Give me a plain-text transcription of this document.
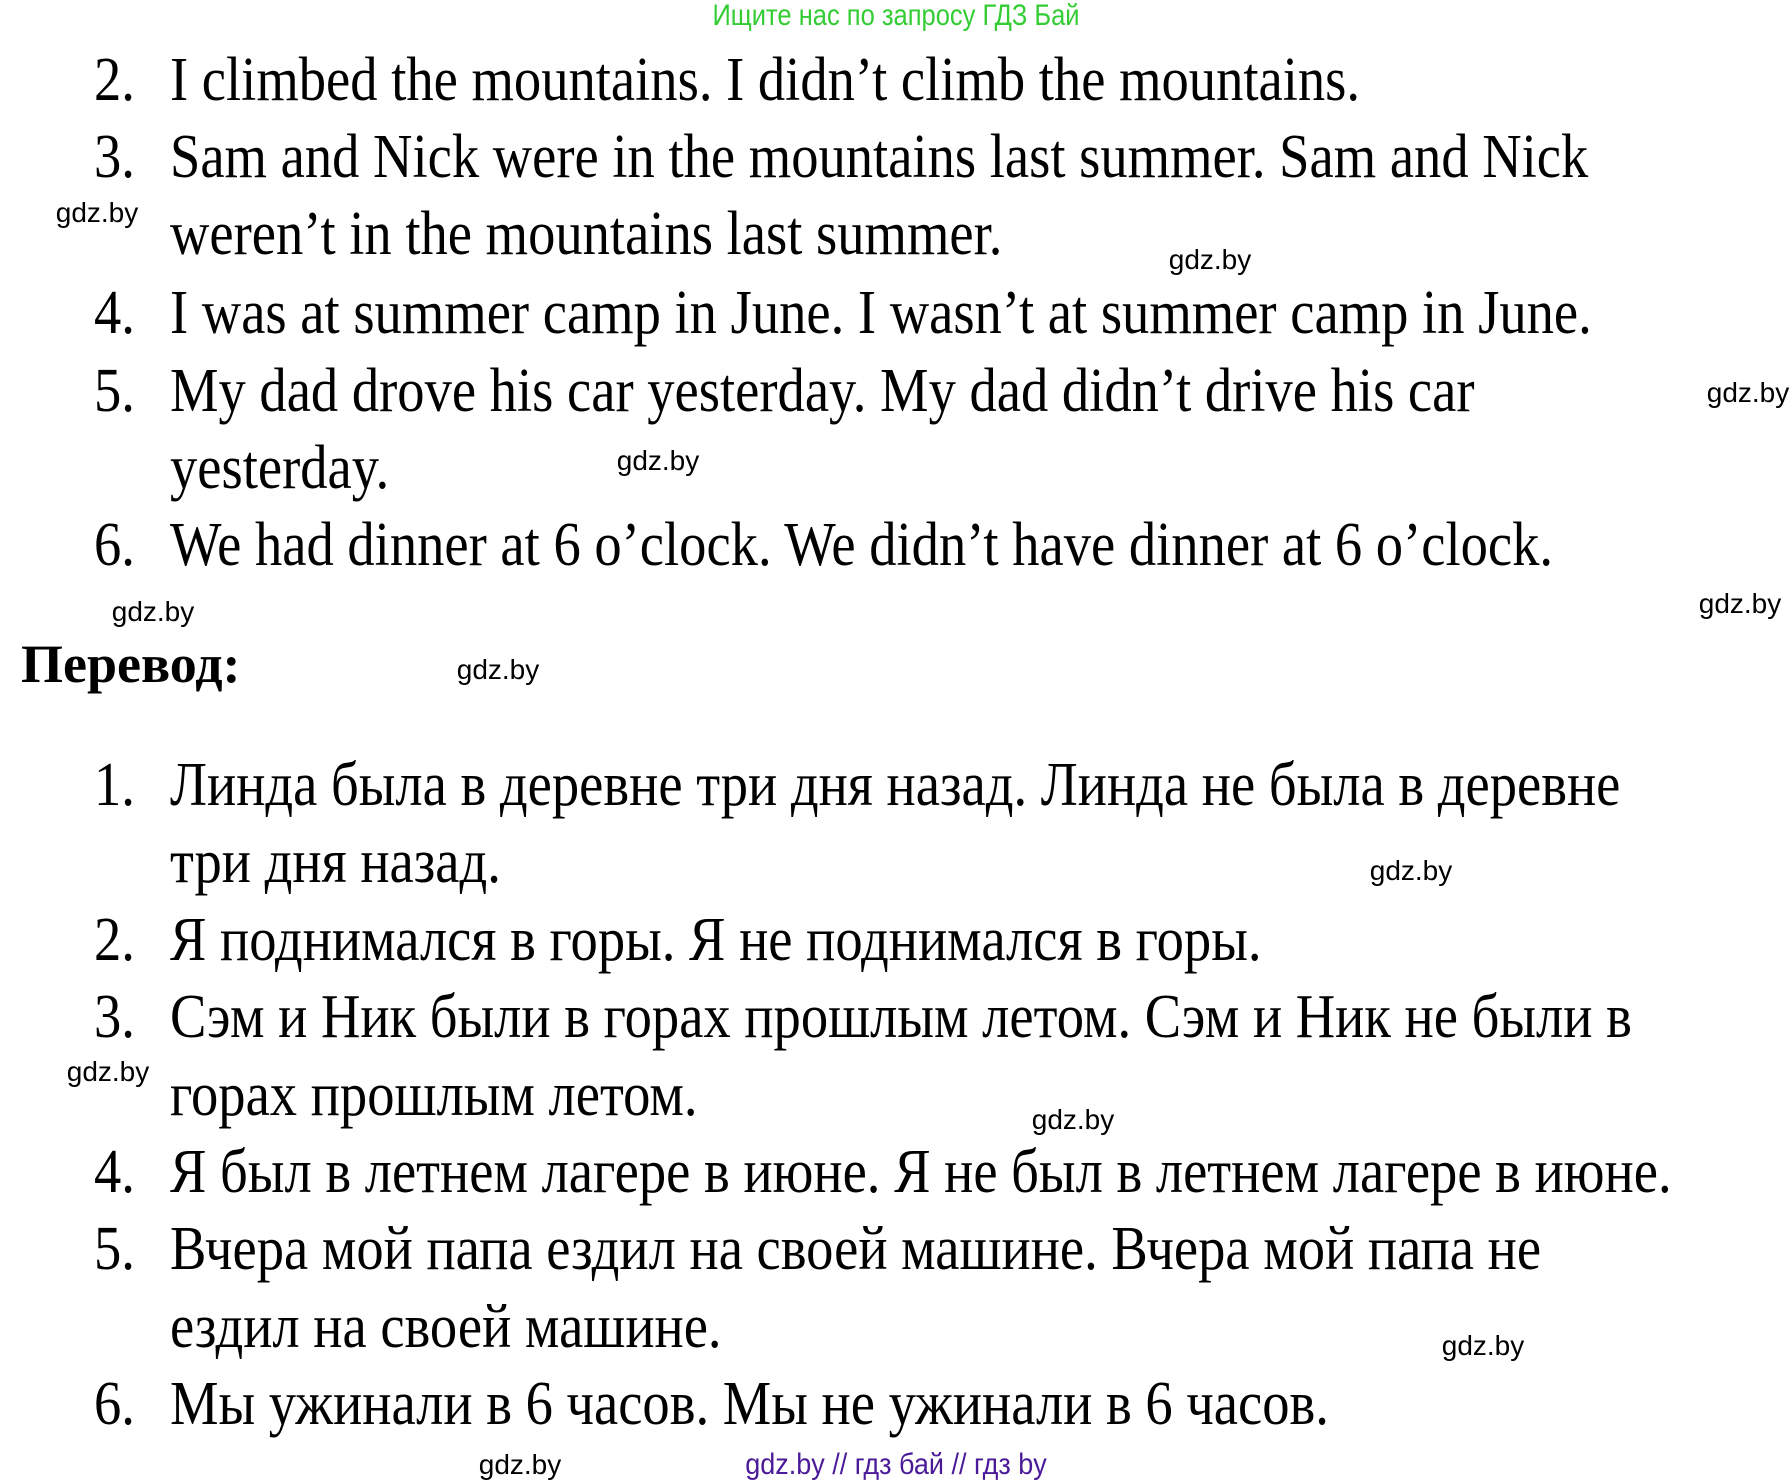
Ищите нас по запросу ГДЗ Бай
2. I climbed the mountains. I didn’t climb the mountains.
3. Sam and Nick were in the mountains last summer. Sam and Nick
weren’t in the mountains last summer.
4. I was at summer camp in June. I wasn’t at summer camp in June.
5. My dad drove his car yesterday. My dad didn’t drive his car
yesterday.
6. We had dinner at 6 o’clock. We didn’t have dinner at 6 o’clock.
Перевод:
1. Линда была в деревне три дня назад. Линда не была в деревне
три дня назад.
2. Я поднимался в горы. Я не поднимался в горы.
3. Сэм и Ник были в горах прошлым летом. Сэм и Ник не были в
горах прошлым летом.
4. Я был в летнем лагере в июне. Я не был в летнем лагере в июне.
5. Вчера мой папа ездил на своей машине. Вчера мой папа не
ездил на своей машине.
6. Мы ужинали в 6 часов. Мы не ужинали в 6 часов.
gdz.by
gdz.by
gdz.by
gdz.by
gdz.by
gdz.by
gdz.by
gdz.by
gdz.by
gdz.by
gdz.by
gdz.by
gdz.by // гдз бай // гдз by
